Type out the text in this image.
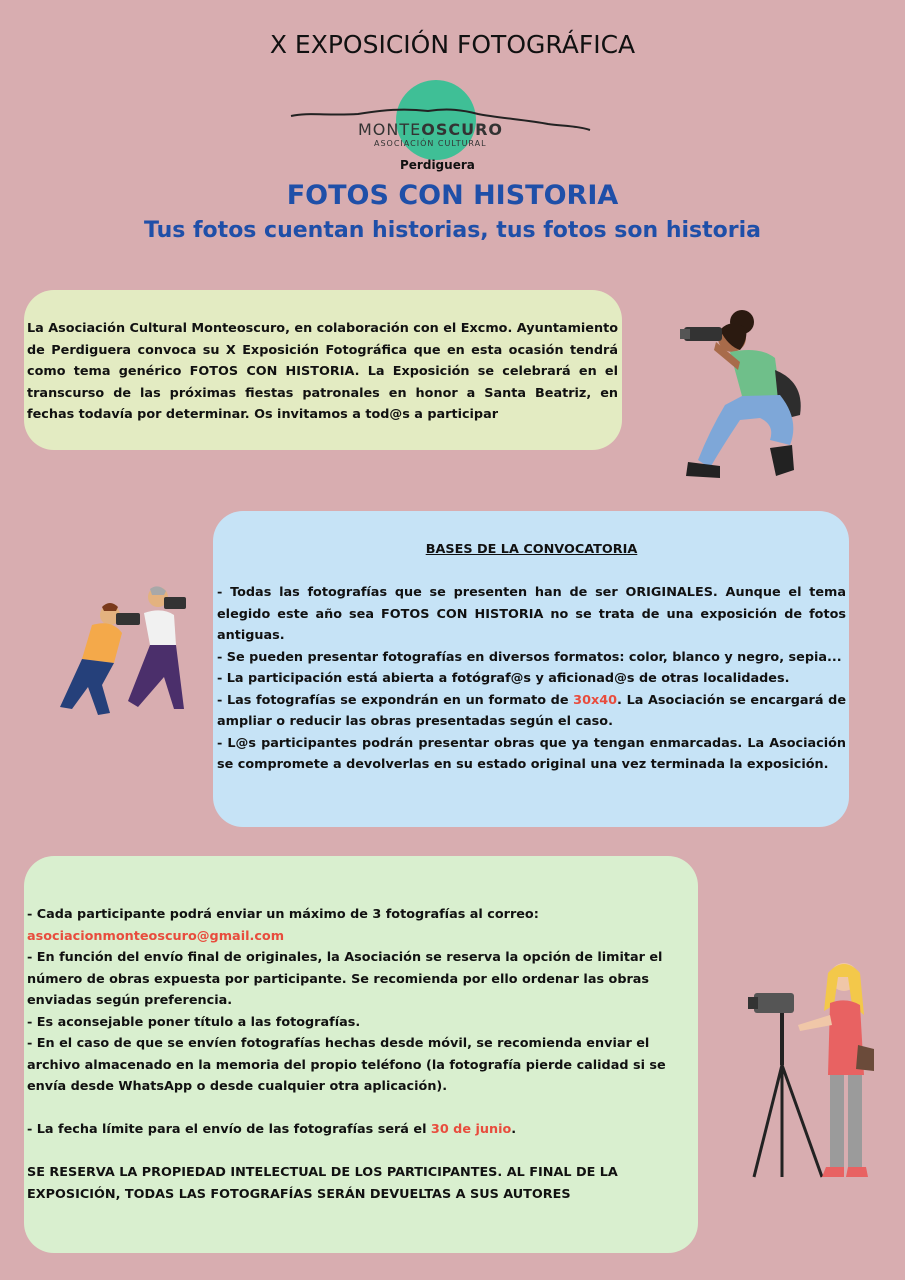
X EXPOSICIÓN FOTOGRÁFICA
MONTEOSCURO
ASOCIACIÓN CULTURAL
Perdiguera
FOTOS CON HISTORIA
Tus fotos cuentan historias, tus fotos son historia

La Asociación Cultural Monteoscuro, en colaboración con el Excmo. Ayuntamiento de Perdiguera convoca su X Exposición Fotográfica que en esta ocasión tendrá como tema genérico FOTOS CON HISTORIA. La Exposición se celebrará en el transcurso de las próximas fiestas patronales en honor a Santa Beatriz, en fechas todavía por determinar. Os invitamos a tod@s a participar

BASES DE LA CONVOCATORIA

- Todas las fotografías que se presenten han de ser ORIGINALES. Aunque el tema elegido este año sea FOTOS CON HISTORIA no se trata de una exposición de fotos antiguas.

- Se pueden presentar fotografías en diversos formatos: color, blanco y negro, sepia...

- La participación está abierta a fotógraf@s y aficionad@s de otras localidades.

- Las fotografías se expondrán en un formato de 30x40. La Asociación se encargará de ampliar o reducir las obras presentadas según el caso.

- L@s participantes podrán presentar obras que ya tengan enmarcadas. La Asociación se compromete a devolverlas en su estado original una vez terminada la exposición.

- Cada participante podrá enviar un máximo de 3 fotografías al correo:

asociacionmonteoscuro@gmail.com

- En función del envío final de originales, la Asociación se reserva la opción de limitar el número de obras expuesta por participante. Se recomienda por ello ordenar las obras enviadas según preferencia.

- Es aconsejable poner título a las fotografías.

- En el caso de que se envíen fotografías hechas desde móvil, se recomienda enviar el archivo almacenado en la memoria del propio teléfono (la fotografía pierde calidad si se envía desde WhatsApp o desde cualquier otra aplicación).

- La fecha límite para el envío de las fotografías será el 30 de junio.

SE RESERVA LA PROPIEDAD INTELECTUAL DE LOS PARTICIPANTES. AL FINAL DE LA EXPOSICIÓN, TODAS LAS FOTOGRAFÍAS SERÁN DEVUELTAS A SUS AUTORES
